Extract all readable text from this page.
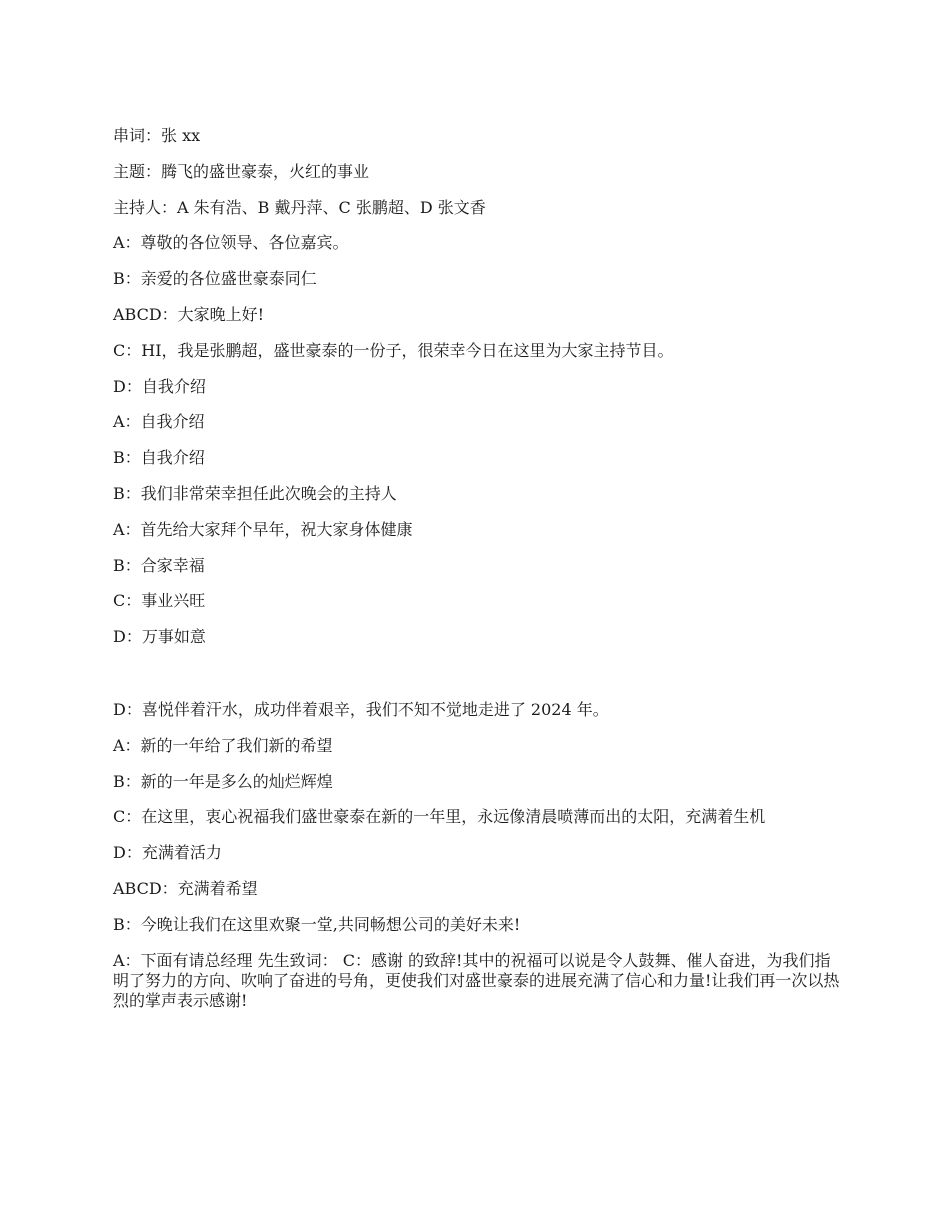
串词：张 xx

主题：腾飞的盛世豪泰，火红的事业

主持人：A 朱有浩、B 戴丹萍、C 张鹏超、D 张文香

A：尊敬的各位领导、各位嘉宾。

B：亲爱的各位盛世豪泰同仁

ABCD：大家晚上好!

C：HI，我是张鹏超，盛世豪泰的一份子，很荣幸今日在这里为大家主持节目。

D：自我介绍

A：自我介绍

B：自我介绍

B：我们非常荣幸担任此次晚会的主持人

A：首先给大家拜个早年，祝大家身体健康

B：合家幸福

C：事业兴旺

D：万事如意

D：喜悦伴着汗水，成功伴着艰辛，我们不知不觉地走进了 2024 年。

A：新的一年给了我们新的希望

B：新的一年是多么的灿烂辉煌

C：在这里，衷心祝福我们盛世豪泰在新的一年里，永远像清晨喷薄而出的太阳，充满着生机

D：充满着活力

ABCD：充满着希望

B：今晚让我们在这里欢聚一堂,共同畅想公司的美好未来!

A：下面有请总经理 先生致词： C：感谢 的致辞!其中的祝福可以说是令人鼓舞、催人奋进，为我们指明了努力的方向、吹响了奋进的号角，更使我们对盛世豪泰的进展充满了信心和力量!让我们再一次以热烈的掌声表示感谢!
